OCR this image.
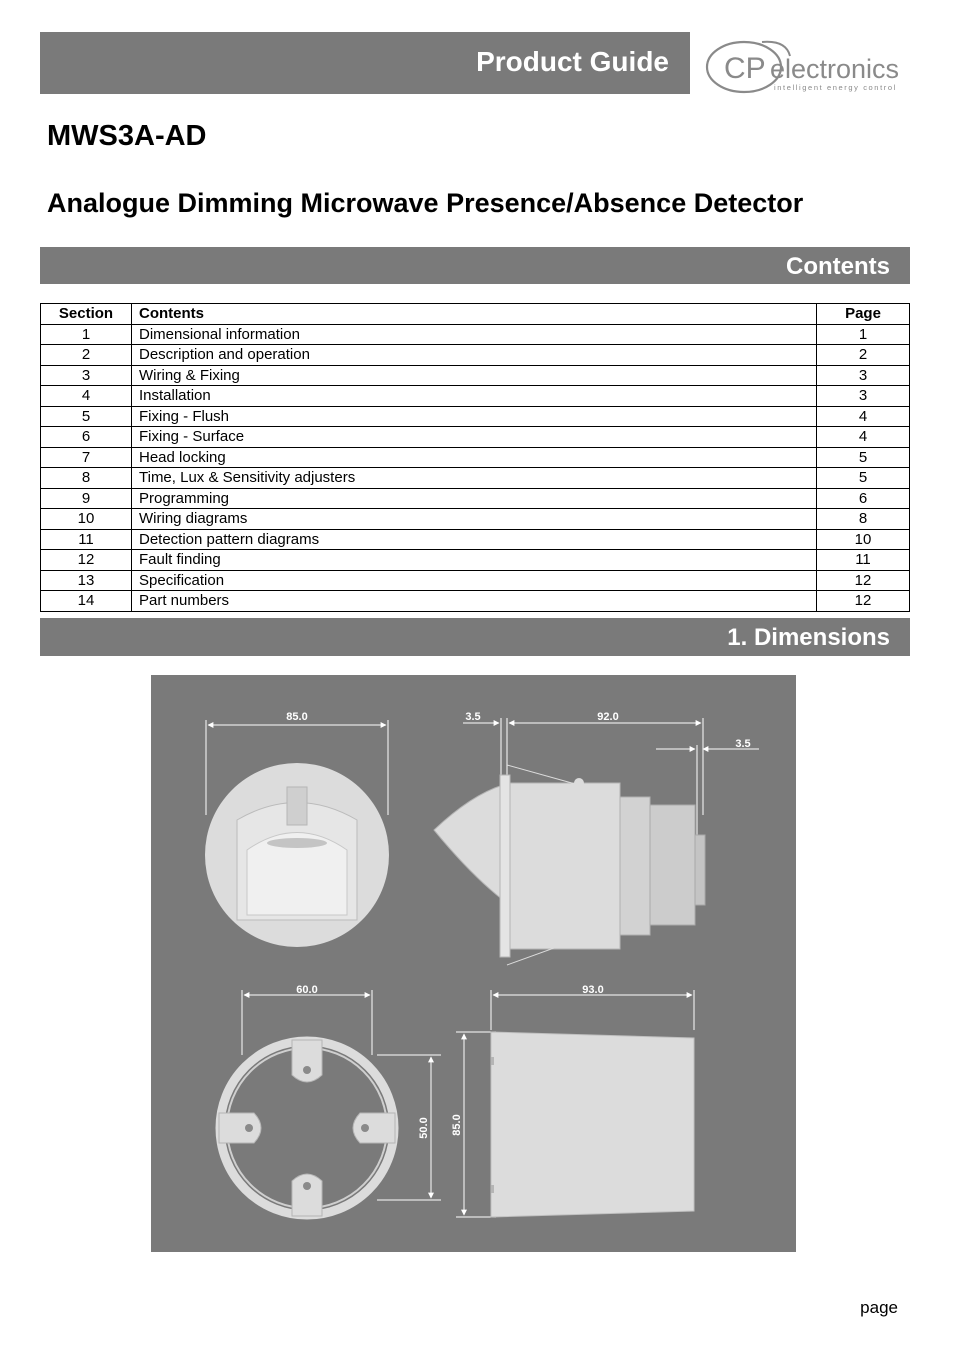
Product Guide CP electronics
intelligent energy control
MWS3A-AD
Analogue Dimming Microwave Presence/Absence Detector
Contents
Section	Contents	Page
1	Dimensional information	1
2	Description and operation	2
3	Wiring & Fixing	3
4	Installation	3
5	Fixing - Flush	4
6	Fixing - Surface	4
7	Head locking	5
8	Time, Lux & Sensitivity adjusters	5
9	Programming	6
10	Wiring diagrams	8
11	Detection pattern diagrams	10
12	Fault finding	11
13	Specification	12
14	Part numbers	12
1. Dimensions
85.0	3.5	92.0
3.5
60.0
50.0
93.0
85.0
page
